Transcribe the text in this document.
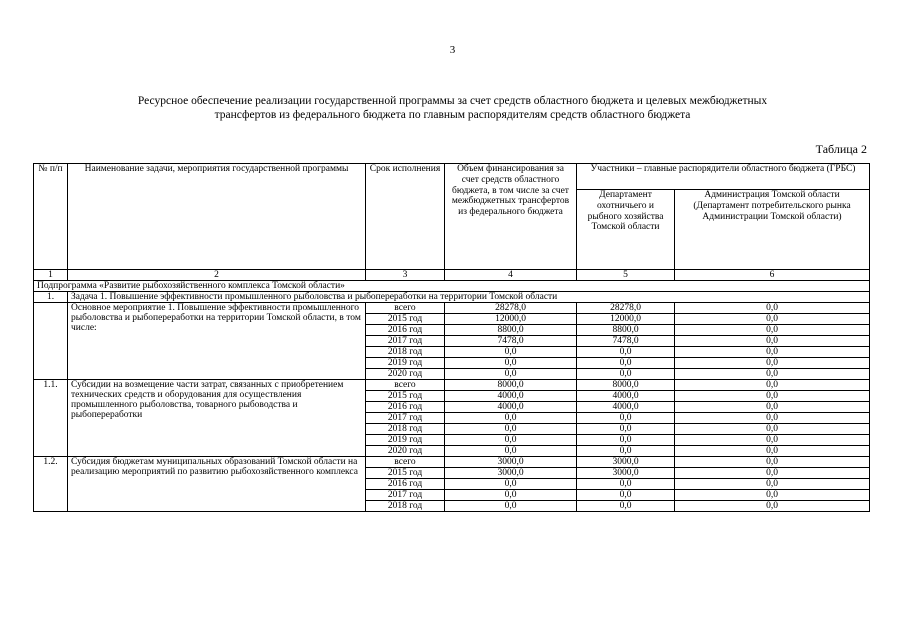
3
Ресурсное обеспечение реализации государственной программы за счет средств областного бюджета и целевых межбюджетных
трансфертов из федерального бюджета по главным распорядителям средств областного бюджета
Таблица 2
№ п/п	Наименование задачи, мероприятия государственной программы	Срок исполнения	Объем финансирования за счет средств областного бюджета, в том числе за счет межбюджетных трансфертов из федерального бюджета	Участники – главные распорядители областного бюджета (ГРБС)	
				Департамент охотничьего и рыбного хозяйства Томской области	Администрация Томской области (Департамент потребительского рынка Администрации Томской области)
1	2	3	4	5	6
Подпрограмма «Развитие рыбохозяйственного комплекса Томской области»					
1.	Задача 1. Повышение эффективности промышленного рыболовства и рыбопереработки на территории Томской области				
	Основное мероприятие 1. Повышение эффективности промышленного рыболовства и рыбопереработки на территории Томской области, в том числе:	всего	28278,0	28278,0	0,0
		2015 год	12000,0	12000,0	0,0
		2016 год	8800,0	8800,0	0,0
		2017 год	7478,0	7478,0	0,0
		2018 год	0,0	0,0	0,0
		2019 год	0,0	0,0	0,0
		2020 год	0,0	0,0	0,0
1.1.	Субсидии на возмещение части затрат, связанных с приобретением технических средств и оборудования для осуществления промышленного рыболовства, товарного рыбоводства и рыбопереработки	всего	8000,0	8000,0	0,0
		2015 год	4000,0	4000,0	0,0
		2016 год	4000,0	4000,0	0,0
		2017 год	0,0	0,0	0,0
		2018 год	0,0	0,0	0,0
		2019 год	0,0	0,0	0,0
		2020 год	0,0	0,0	0,0
1.2.	Субсидия бюджетам муниципальных образований Томской области на реализацию мероприятий по развитию рыбохозяйственного комплекса	всего	3000,0	3000,0	0,0
		2015 год	3000,0	3000,0	0,0
		2016 год	0,0	0,0	0,0
		2017 год	0,0	0,0	0,0
		2018 год	0,0	0,0	0,0
